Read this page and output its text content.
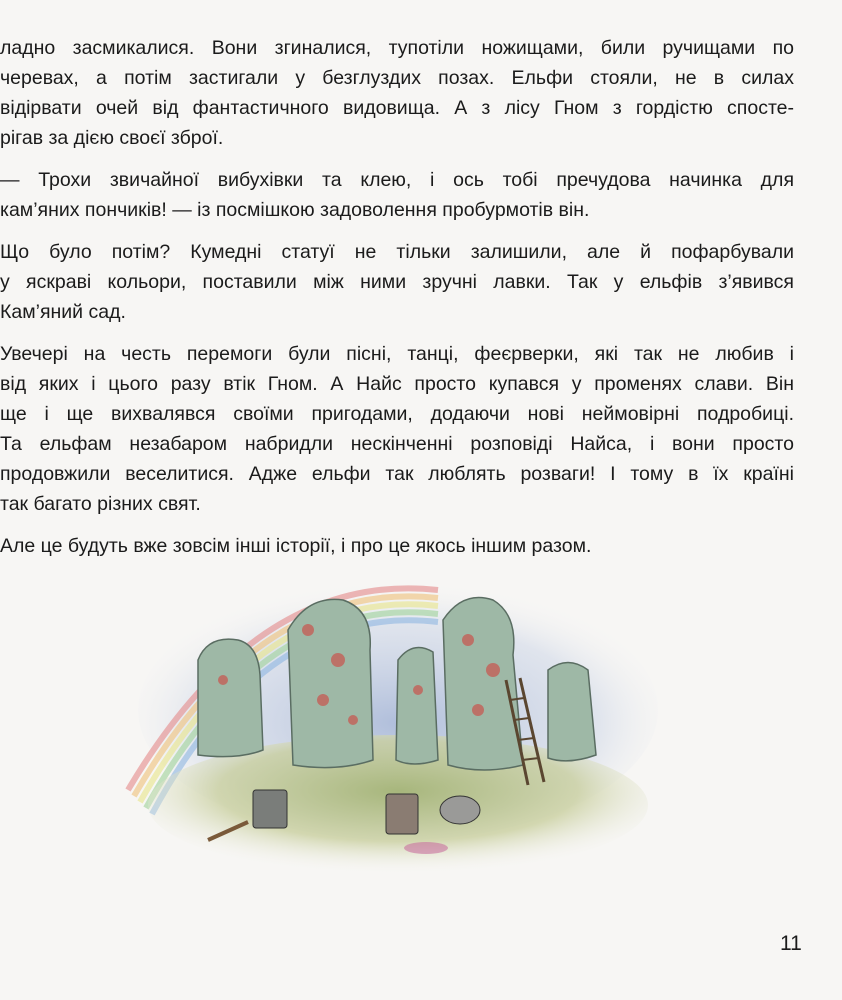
ладно засмикалися. Вони згиналися, тупотіли ножищами, били ручищами по
черевах, а потім застигали у безглуздих позах. Ельфи стояли, не в силах
відірвати очей від фантастичного видовища. А з лісу Гном з гордістю спосте-
рігав за дією своєї зброї.

— Трохи звичайної вибухівки та клею, і ось тобі пречудова начинка для
кам’яних пончиків! — із посмішкою задоволення пробурмотів він.

Що було потім? Кумедні статуї не тільки залишили, але й пофарбували
у яскраві кольори, поставили між ними зручні лавки. Так у ельфів з’явився
Кам’яний сад.

Увечері на честь перемоги були пісні, танці, феєрверки, які так не любив і
від яких і цього разу втік Гном. А Найс просто купався у променях слави. Він
ще і ще вихвалявся своїми пригодами, додаючи нові неймовірні подробиці.
Та ельфам незабаром набридли нескінченні розповіді Найса, і вони просто
продовжили веселитися. Адже ельфи так люблять розваги! І тому в їх країні
так багато різних свят.

Але це будуть вже зовсім інші історії, і про це якось іншим разом.

11
